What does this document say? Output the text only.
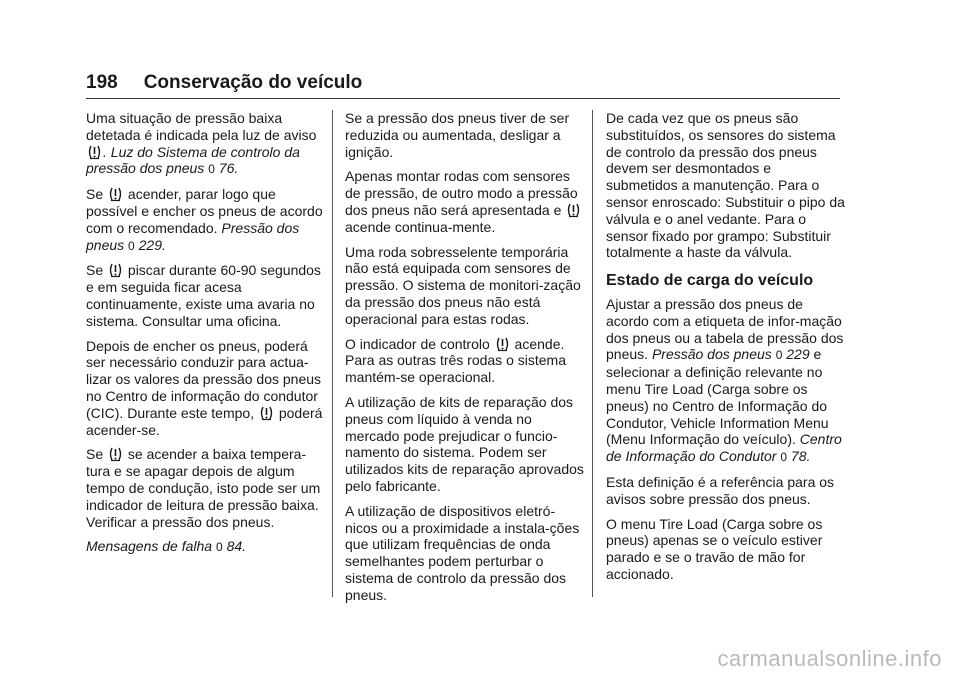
198 Conservação do veículo

Uma situação de pressão baixa detetada é indicada pela luz de aviso
. Luz do Sistema de controlo da pressão dos pneus 0 76.

Se acender, parar logo que possível e encher os pneus de acordo com o recomendado. Pressão dos pneus 0 229.

Se piscar durante 60-90 segundos e em seguida ficar acesa continuamente, existe uma avaria no sistema. Consultar uma oficina.

Depois de encher os pneus, poderá ser necessário conduzir para actua-lizar os valores da pressão dos pneus no Centro de informação do condutor (CIC). Durante este tempo, poderá acender-se.

Se se acender a baixa tempera-tura e se apagar depois de algum tempo de condução, isto pode ser um indicador de leitura de pressão baixa. Verificar a pressão dos pneus.

Mensagens de falha 0 84.

Se a pressão dos pneus tiver de ser reduzida ou aumentada, desligar a ignição.

Apenas montar rodas com sensores de pressão, de outro modo a pressão dos pneus não será apresentada e
acende continua-mente.

Uma roda sobresselente temporária não está equipada com sensores de pressão. O sistema de monitori-zação da pressão dos pneus não está operacional para estas rodas.

O indicador de controlo acende. Para as outras três rodas o sistema mantém-se operacional.

A utilização de kits de reparação dos pneus com líquido à venda no mercado pode prejudicar o funcio-namento do sistema. Podem ser utilizados kits de reparação aprovados pelo fabricante.

A utilização de dispositivos eletró-nicos ou a proximidade a instala-ções que utilizam frequências de onda semelhantes podem perturbar o sistema de controlo da pressão dos pneus.

De cada vez que os pneus são substituídos, os sensores do sistema de controlo da pressão dos pneus devem ser desmontados e submetidos a manutenção. Para o sensor enroscado: Substituir o pipo da válvula e o anel vedante. Para o sensor fixado por grampo: Substituir totalmente a haste da válvula.

Estado de carga do veículo

Ajustar a pressão dos pneus de acordo com a etiqueta de infor-mação dos pneus ou a tabela de pressão dos pneus. Pressão dos pneus 0 229 e selecionar a definição relevante no menu Tire Load (Carga sobre os pneus) no Centro de Informação do Condutor, Vehicle Information Menu (Menu Informação do veículo). Centro de Informação do Condutor 0 78.

Esta definição é a referência para os avisos sobre pressão dos pneus.

O menu Tire Load (Carga sobre os pneus) apenas se o veículo estiver parado e se o travão de mão for accionado.

carmanualsonline.info
